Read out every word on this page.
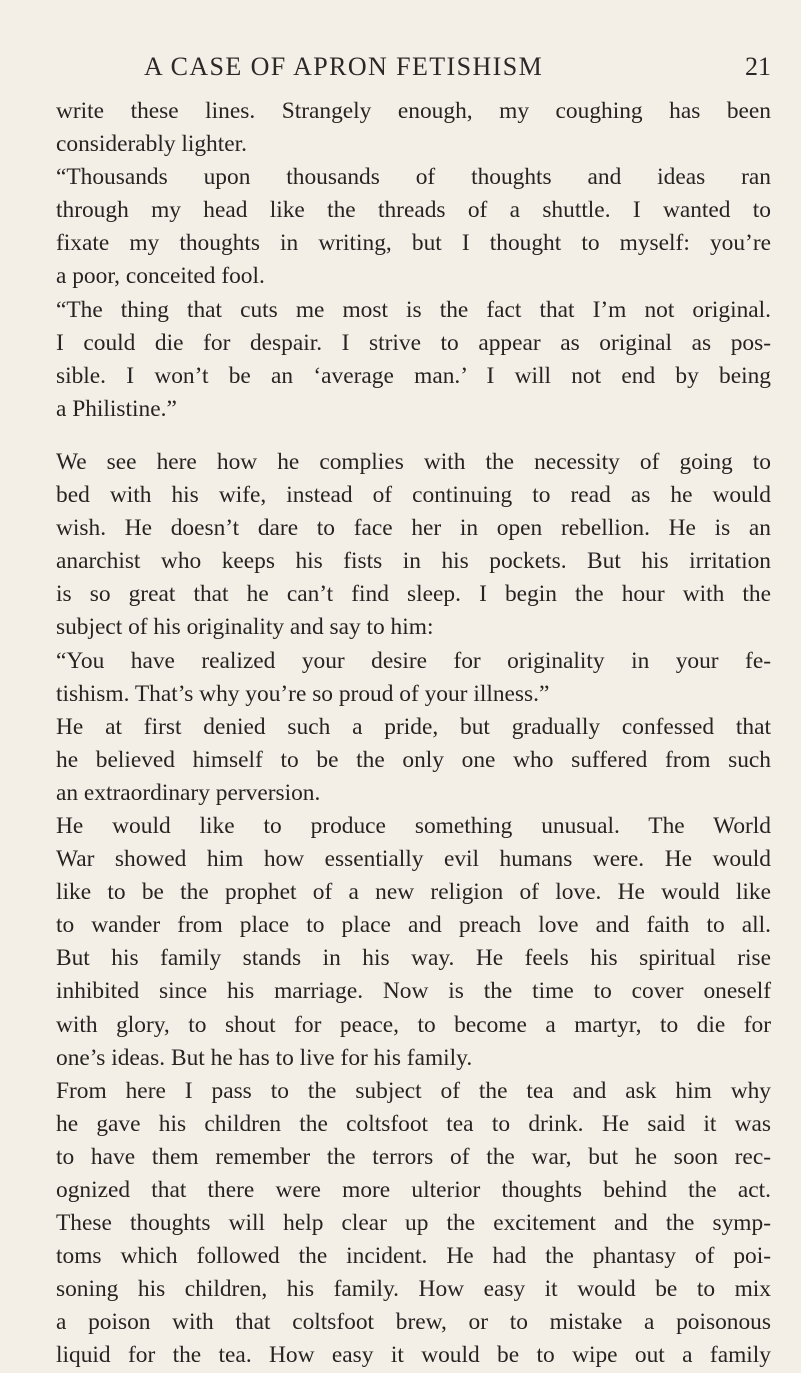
A CASE OF APRON FETISHISM	21
write these lines. Strangely enough, my coughing has been
considerably lighter.
“Thousands upon thousands of thoughts and ideas ran
through my head like the threads of a shuttle. I wanted to
fixate my thoughts in writing, but I thought to myself: you’re
a poor, conceited fool.
“The thing that cuts me most is the fact that I’m not original.
I could die for despair. I strive to appear as original as pos-
sible. I won’t be an ‘average man.’ I will not end by being
a Philistine.”
We see here how he complies with the necessity of going to
bed with his wife, instead of continuing to read as he would
wish. He doesn’t dare to face her in open rebellion. He is an
anarchist who keeps his fists in his pockets. But his irritation
is so great that he can’t find sleep. I begin the hour with the
subject of his originality and say to him:
“You have realized your desire for originality in your fe-
tishism. That’s why you’re so proud of your illness.”
He at first denied such a pride, but gradually confessed that
he believed himself to be the only one who suffered from such
an extraordinary perversion.
He would like to produce something unusual. The World
War showed him how essentially evil humans were. He would
like to be the prophet of a new religion of love. He would like
to wander from place to place and preach love and faith to all.
But his family stands in his way. He feels his spiritual rise
inhibited since his marriage. Now is the time to cover oneself
with glory, to shout for peace, to become a martyr, to die for
one’s ideas. But he has to live for his family.
From here I pass to the subject of the tea and ask him why
he gave his children the coltsfoot tea to drink. He said it was
to have them remember the terrors of the war, but he soon rec-
ognized that there were more ulterior thoughts behind the act.
These thoughts will help clear up the excitement and the symp-
toms which followed the incident. He had the phantasy of poi-
soning his children, his family. How easy it would be to mix
a poison with that coltsfoot brew, or to mistake a poisonous
liquid for the tea. How easy it would be to wipe out a family
